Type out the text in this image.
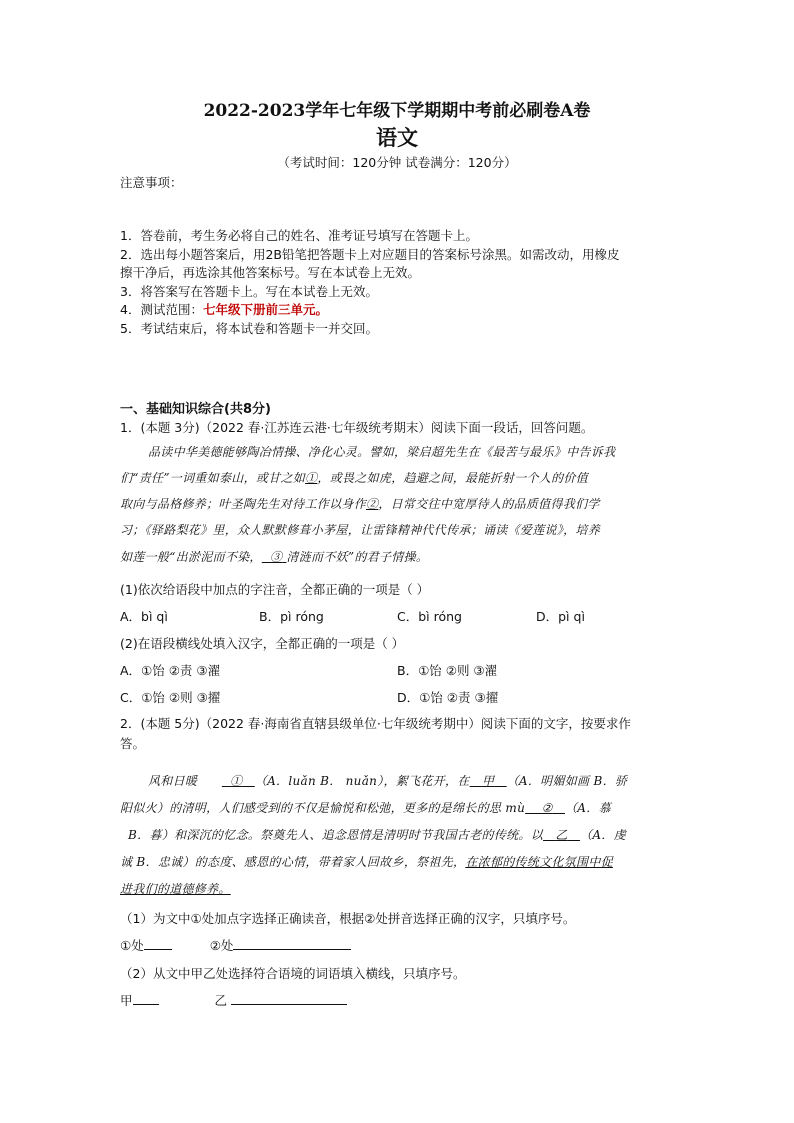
2022-2023学年七年级下学期期中考前必刷卷A卷
语文
（考试时间：120分钟 试卷满分：120分）
注意事项：
1．答卷前，考生务必将自己的姓名、准考证号填写在答题卡上。
2．选出每小题答案后，用2B铅笔把答题卡上对应题目的答案标号涂黑。如需改动，用橡皮
擦干净后，再选涂其他答案标号。写在本试卷上无效。
3．将答案写在答题卡上。写在本试卷上无效。
4．测试范围：七年级下册前三单元。
5．考试结束后，将本试卷和答题卡一并交回。
一、基础知识综合(共8分)
1．(本题 3分)（2022 春·江苏连云港·七年级统考期末）阅读下面一段话，回答问题。
品读中华美德能够陶冶情操、净化心灵。譬如，梁启超先生在《最苦与最乐》中告诉我
们“责任”一词重如泰山，或甘之如①，或畏之如虎，趋避之间，最能折射一个人的价值
取向与品格修养；叶圣陶先生对待工作以身作②，日常交往中宽厚待人的品质值得我们学
习；《驿路梨花》里，众人默默修葺小茅屋，让雷锋精神代代传承；诵读《爱莲说》，培养
如莲一般“出淤泥而不染， ③ 清涟而不妖”的君子情操。
(1)依次给语段中加点的字注音，全都正确的一项是（ ）
A．bì qì	B．pì róng	C．bì róng	D．pì qì
(2)在语段横线处填入汉字，全都正确的一项是（ ）
A．①饴 ②责 ③濯	B．①饴 ②则 ③濯
C．①饴 ②则 ③擢	D．①饴 ②责 ③擢
2．(本题 5分)（2022 春·海南省直辖县级单位·七年级统考期中）阅读下面的文字，按要求作
答。
风和日暖	① （A．luǎn B． nuǎn），絮飞花开，在 甲 （A．明媚如画 B．骄
阳似火）的清明，人们感受到的不仅是愉悦和松弛，更多的是绵长的思 mù ② （A．慕
B．暮）和深沉的忆念。祭奠先人、追念恩情是清明时节我国古老的传统。以 乙 （A．虔
诚 B．忠诚）的态度、感恩的心情，带着家人回故乡，祭祖先，在浓郁的传统文化氛围中促
进我们的道德修养。
（1）为文中①处加点字选择正确读音，根据②处拼音选择正确的汉字，只填序号。
①处	②处
（2）从文中甲乙处选择符合语境的词语填入横线，只填序号。
甲	乙
